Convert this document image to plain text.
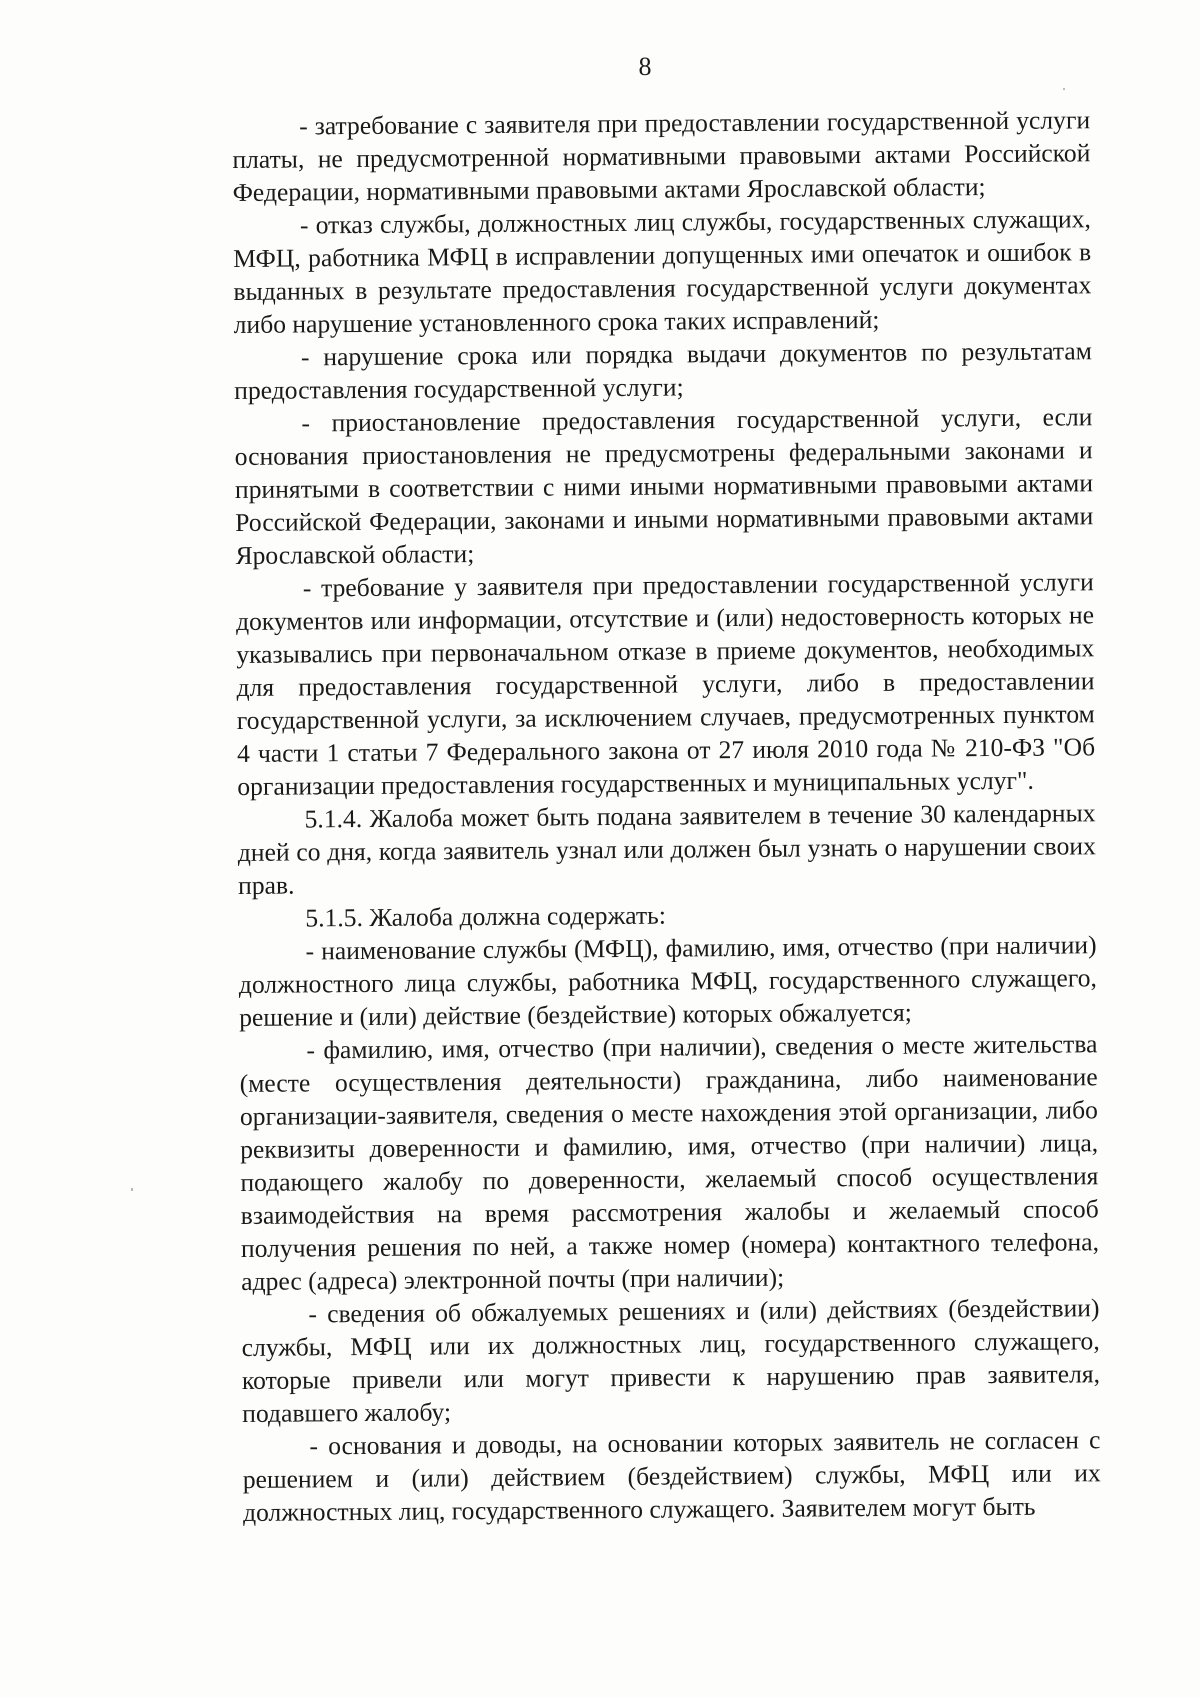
8

- затребование с заявителя при предоставлении государственной услуги платы, не предусмотренной нормативными правовыми актами Российской Федерации, нормативными правовыми актами Ярославской области;

- отказ службы, должностных лиц службы, государственных служащих, МФЦ, работника МФЦ в исправлении допущенных ими опечаток и ошибок в выданных в результате предоставления государственной услуги документах либо нарушение установленного срока таких исправлений;

- нарушение срока или порядка выдачи документов по результатам предоставления государственной услуги;

- приостановление предоставления государственной услуги, если основания приостановления не предусмотрены федеральными законами и принятыми в соответствии с ними иными нормативными правовыми актами Российской Федерации, законами и иными нормативными правовыми актами Ярославской области;

- требование у заявителя при предоставлении государственной услуги документов или информации, отсутствие и (или) недостоверность которых не указывались при первоначальном отказе в приеме документов, необходимых для предоставления государственной услуги, либо в предоставлении государственной услуги, за исключением случаев, предусмотренных пунктом 4 части 1 статьи 7 Федерального закона от 27 июля 2010 года № 210-ФЗ "Об организации предоставления государственных и муниципальных услуг".

5.1.4. Жалоба может быть подана заявителем в течение 30 календарных дней со дня, когда заявитель узнал или должен был узнать о нарушении своих прав.

5.1.5. Жалоба должна содержать:

- наименование службы (МФЦ), фамилию, имя, отчество (при наличии) должностного лица службы, работника МФЦ, государственного служащего, решение и (или) действие (бездействие) которых обжалуется;

- фамилию, имя, отчество (при наличии), сведения о месте жительства (месте осуществления деятельности) гражданина, либо наименование организации-заявителя, сведения о месте нахождения этой организации, либо реквизиты доверенности и фамилию, имя, отчество (при наличии) лица, подающего жалобу по доверенности, желаемый способ осуществления взаимодействия на время рассмотрения жалобы и желаемый способ получения решения по ней, а также номер (номера) контактного телефона, адрес (адреса) электронной почты (при наличии);

- сведения об обжалуемых решениях и (или) действиях (бездействии) службы, МФЦ или их должностных лиц, государственного служащего, которые привели или могут привести к нарушению прав заявителя, подавшего жалобу;

- основания и доводы, на основании которых заявитель не согласен с решением и (или) действием (бездействием) службы, МФЦ или их должностных лиц, государственного служащего. Заявителем могут быть
